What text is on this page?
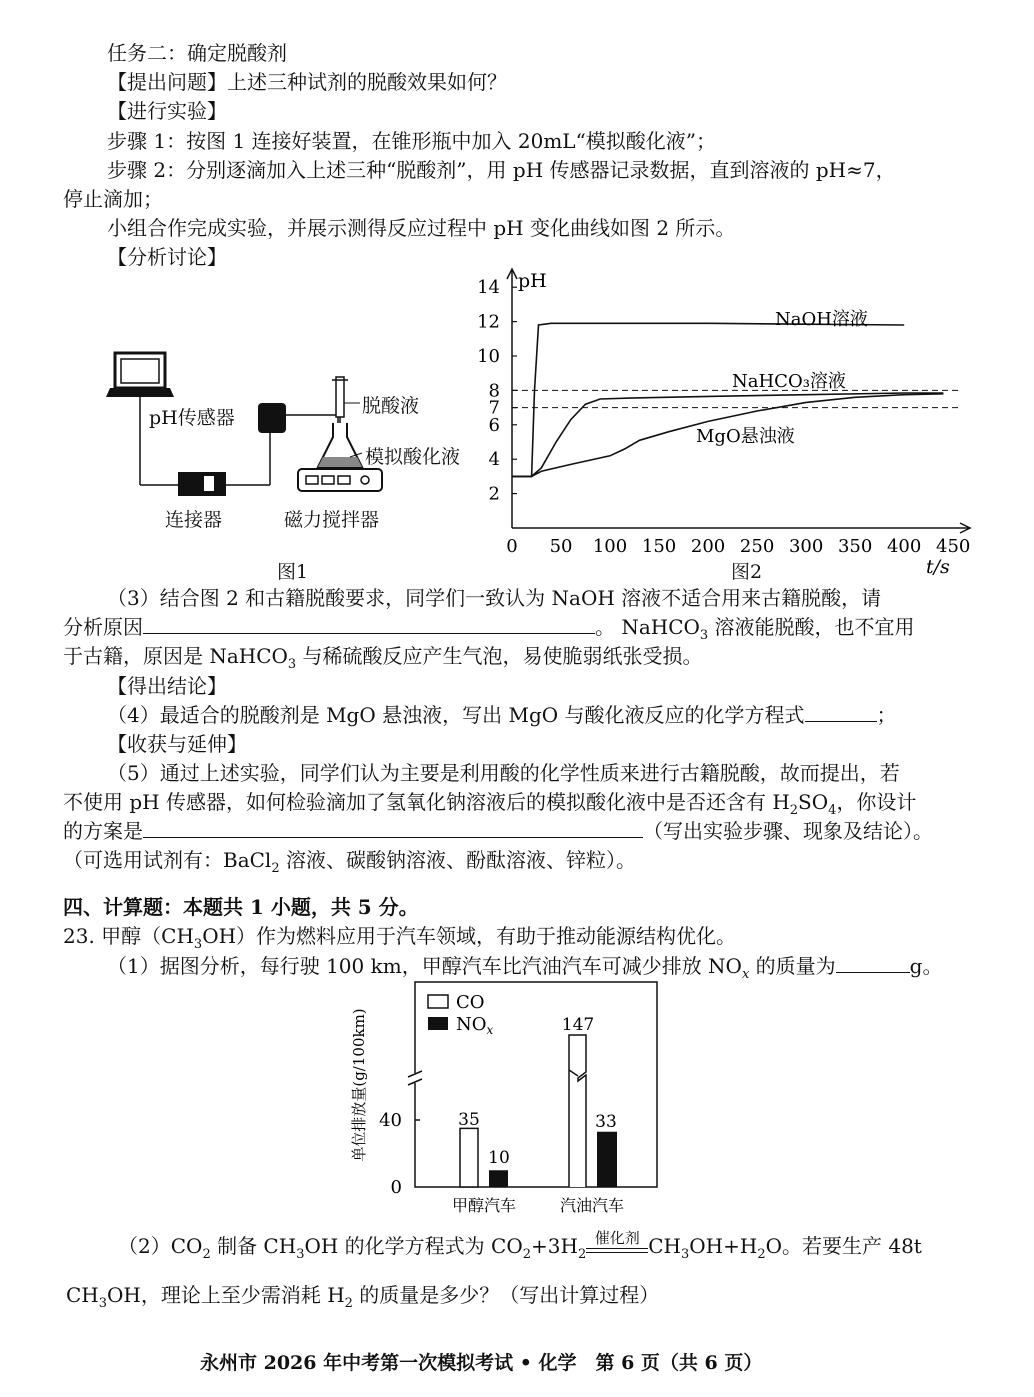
任务二：确定脱酸剂
【提出问题】上述三种试剂的脱酸效果如何？
【进行实验】
步骤 1：按图 1 连接好装置，在锥形瓶中加入 20mL“模拟酸化液”；
步骤 2：分别逐滴加入上述三种“脱酸剂”，用 pH 传感器记录数据，直到溶液的 pH≈7，
停止滴加；
小组合作完成实验，并展示测得反应过程中 pH 变化曲线如图 2 所示。
【分析讨论】
pH传感器
脱酸液
模拟酸化液
连接器	磁力搅拌器
图1
0 50 100 150 200 250 300 350 400 450
2
4
6
7
8
10
12
14 pH
t/s
NaOH溶液
NaHCO₃溶液
MgO悬浊液
图2
（3）结合图 2 和古籍脱酸要求，同学们一致认为 NaOH 溶液不适合用来古籍脱酸，请
分析原因	。 NaHCO$_3$ 溶液能脱酸，也不宜用
于古籍，原因是 NaHCO$_3$ 与稀硫酸反应产生气泡，易使脆弱纸张受损。
【得出结论】
（4）最适合的脱酸剂是 MgO 悬浊液，写出 MgO 与酸化液反应的化学方程式	；
【收获与延伸】
（5）通过上述实验，同学们认为主要是利用酸的化学性质来进行古籍脱酸，故而提出，若
不使用 pH 传感器，如何检验滴加了氢氧化钠溶液后的模拟酸化液中是否还含有 $H_2SO_4$，你设计
的方案是	（写出实验步骤、现象及结论）。
（可选用试剂有：BaCl$_2$ 溶液、碳酸钠溶液、酚酞溶液、锌粒）。
四、计算题：本题共 1 小题，共 5 分。
23. 甲醇$(CH_3OH)$作为燃料应用于汽车领域，有助于推动能源结构优化。
（1）据图分析，每行驶 100 km，甲醇汽车比汽油汽车可减少排放 $NO_x$ 的质量为	g。
单位排放量(g/100km)
0
40
CO
$NO_x$
35
10
147
33
甲醇汽车	汽油汽车
$(2)CO_2$ 制备 $CH_3OH$ 的化学方程式为 $CO_2+3H_2$
催化剂 $CH_3OH+H_2O$。若要生产 48t
$CH_3OH$，理论上至少需消耗 $H_2$ 的质量是多少？（写出计算过程）
永州市 2026 年中考第一次模拟考试 • 化学　第 6 页（共 6 页）
